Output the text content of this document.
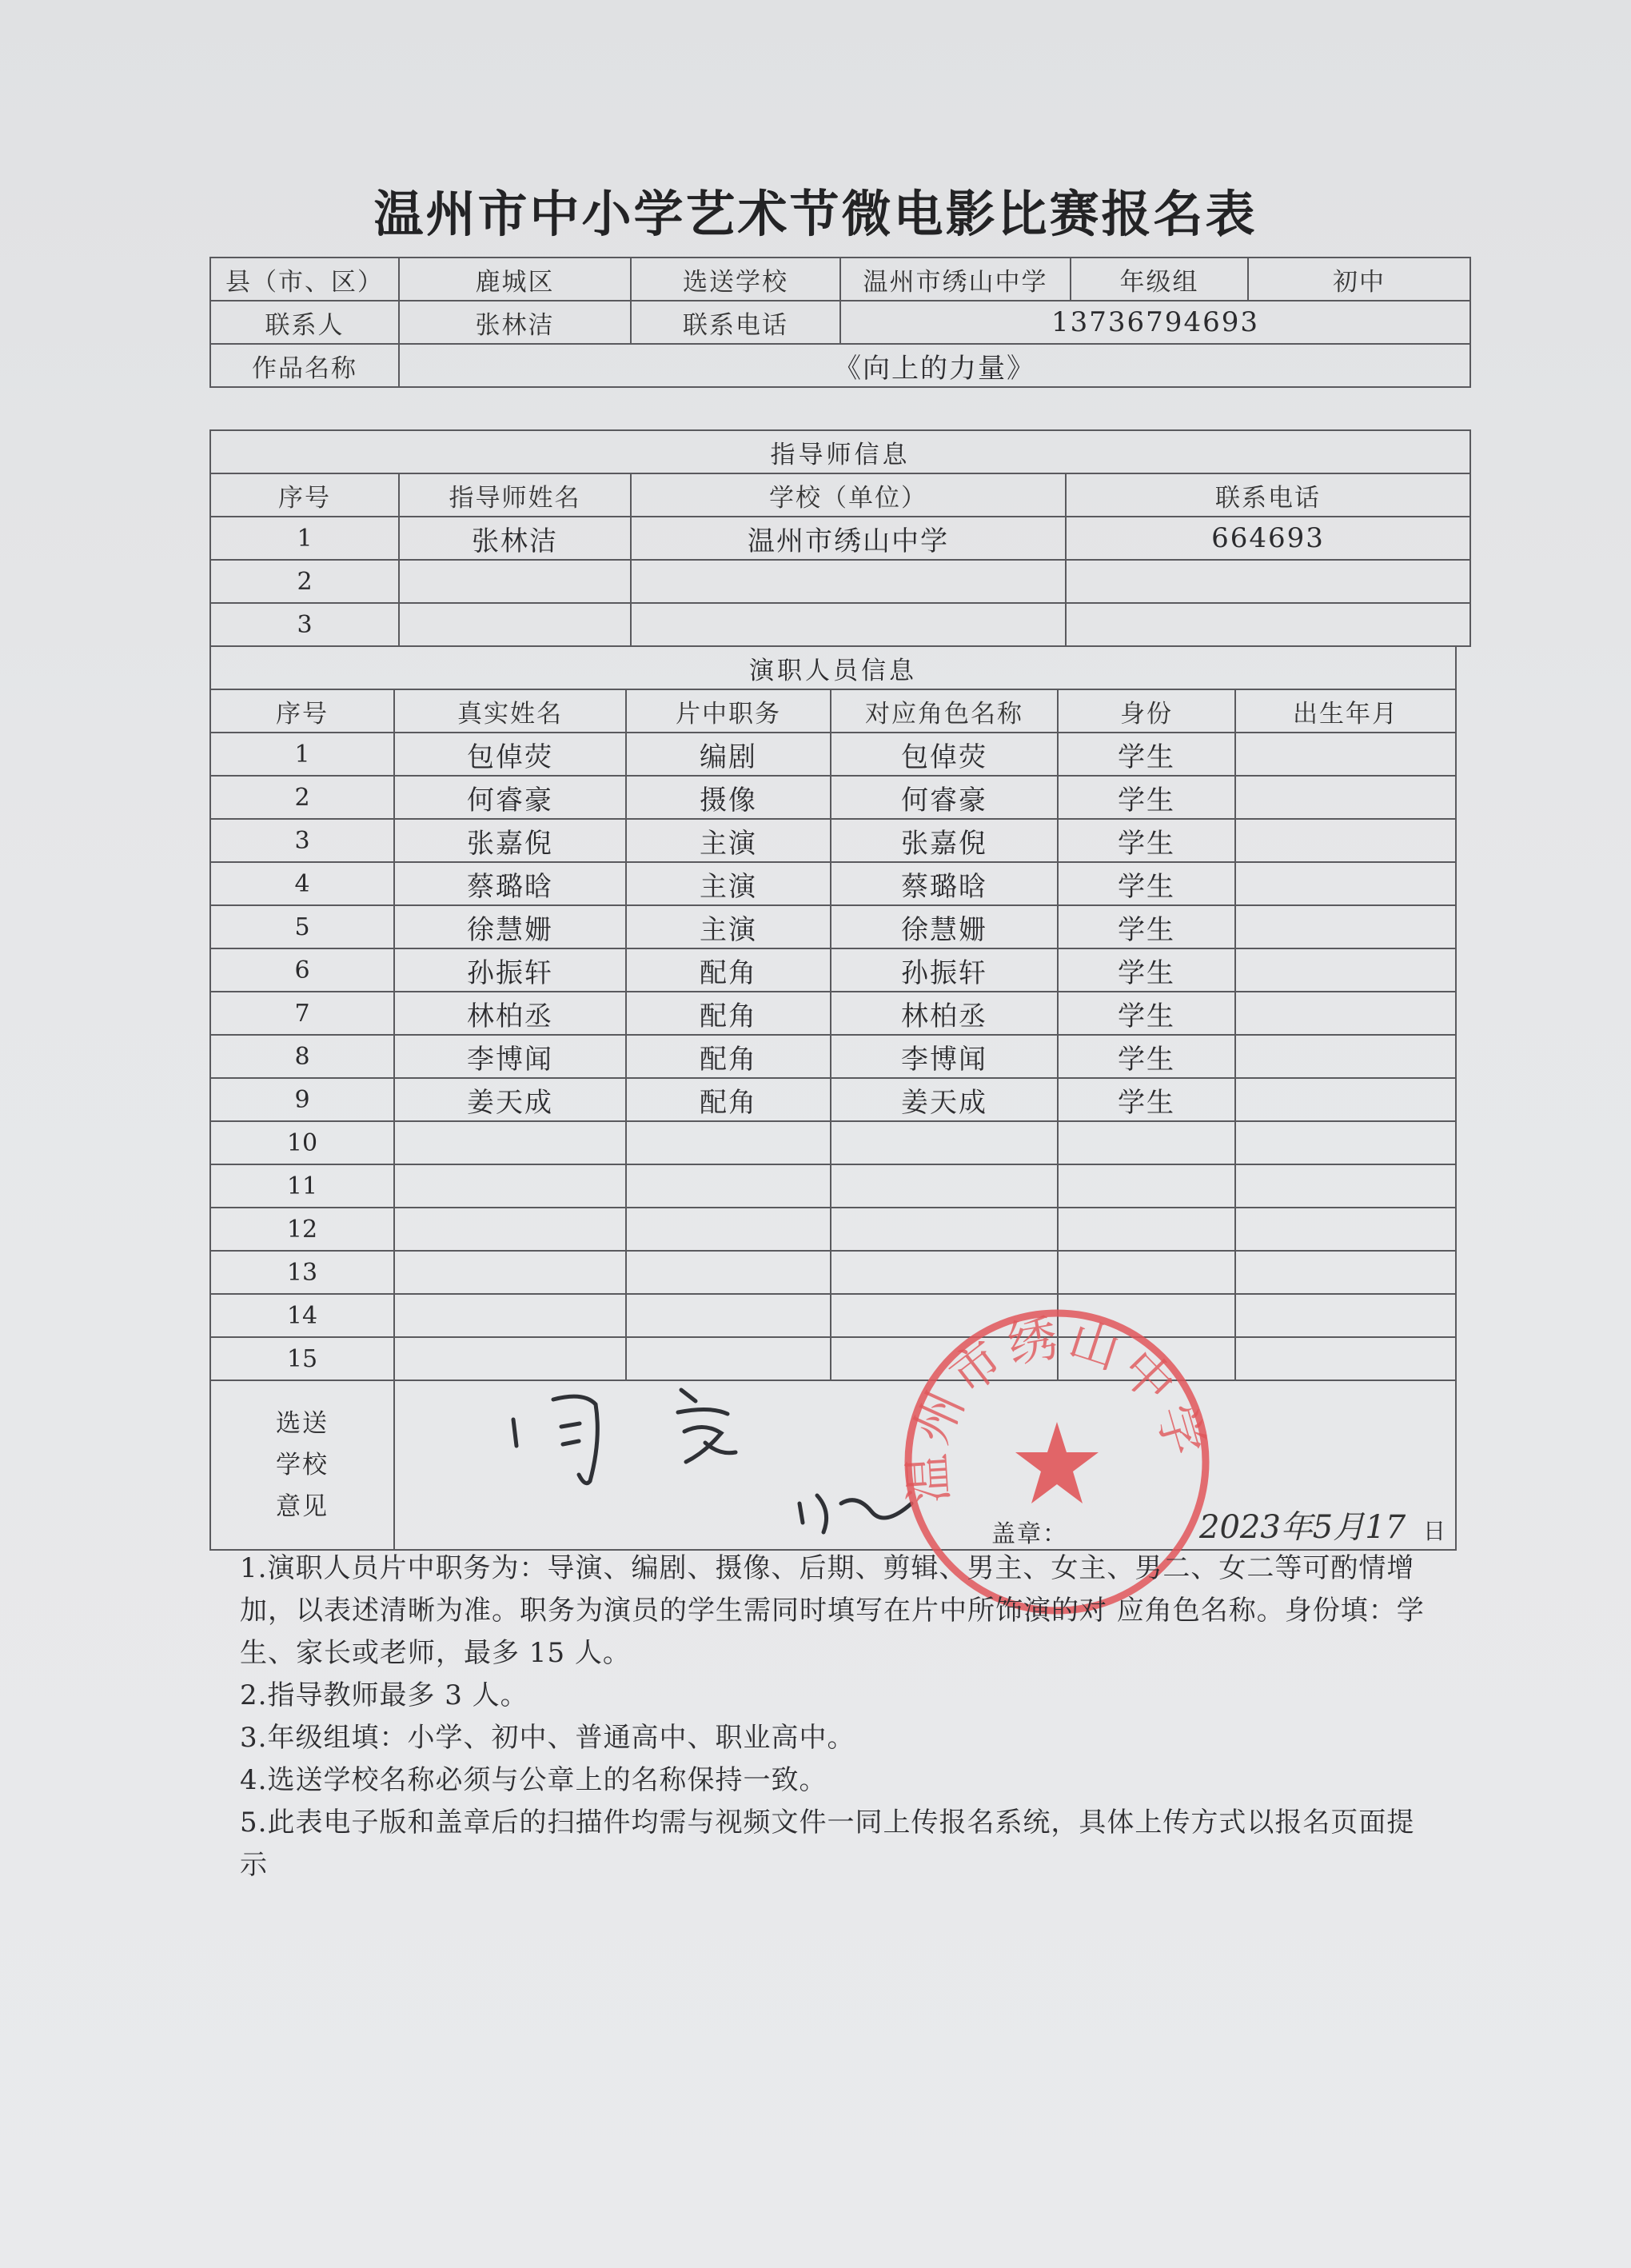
温州市中小学艺术节微电影比赛报名表
县（市、区）	鹿城区	选送学校	温州市绣山中学	年级组	初中
联系人	张林洁	联系电话	13736794693		
作品名称	《向上的力量》				
指导师信息			
序号	指导师姓名	学校（单位）	联系电话
1	张林洁	温州市绣山中学	664693
2			
3			
演职人员信息					
序号	真实姓名	片中职务	对应角色名称	身份	出生年月
1	包倬荧	编剧	包倬荧	学生	
2	何睿豪	摄像	何睿豪	学生	
3	张嘉倪	主演	张嘉倪	学生	
4	蔡璐晗	主演	蔡璐晗	学生	
5	徐慧姗	主演	徐慧姗	学生	
6	孙振轩	配角	孙振轩	学生	
7	林柏丞	配角	林柏丞	学生	
8	李博闻	配角	李博闻	学生	
9	姜天成	配角	姜天成	学生	
10					
11					
12					
13					
14					
15					

选送
学校
意见					

温州市绣山中学
盖章：	2023年5月17 日

1.演职人员片中职务为：导演、编剧、摄像、后期、剪辑、男主、女主、男二、女二等可酌情增加，以表述清晰为准。职务为演员的学生需同时填写在片中所饰演的对 应角色名称。身份填：学生、家长或老师，最多 15 人。

2.指导教师最多 3 人。

3.年级组填：小学、初中、普通高中、职业高中。

4.选送学校名称必须与公章上的名称保持一致。

5.此表电子版和盖章后的扫描件均需与视频文件一同上传报名系统，具体上传方式以报名页面提示
